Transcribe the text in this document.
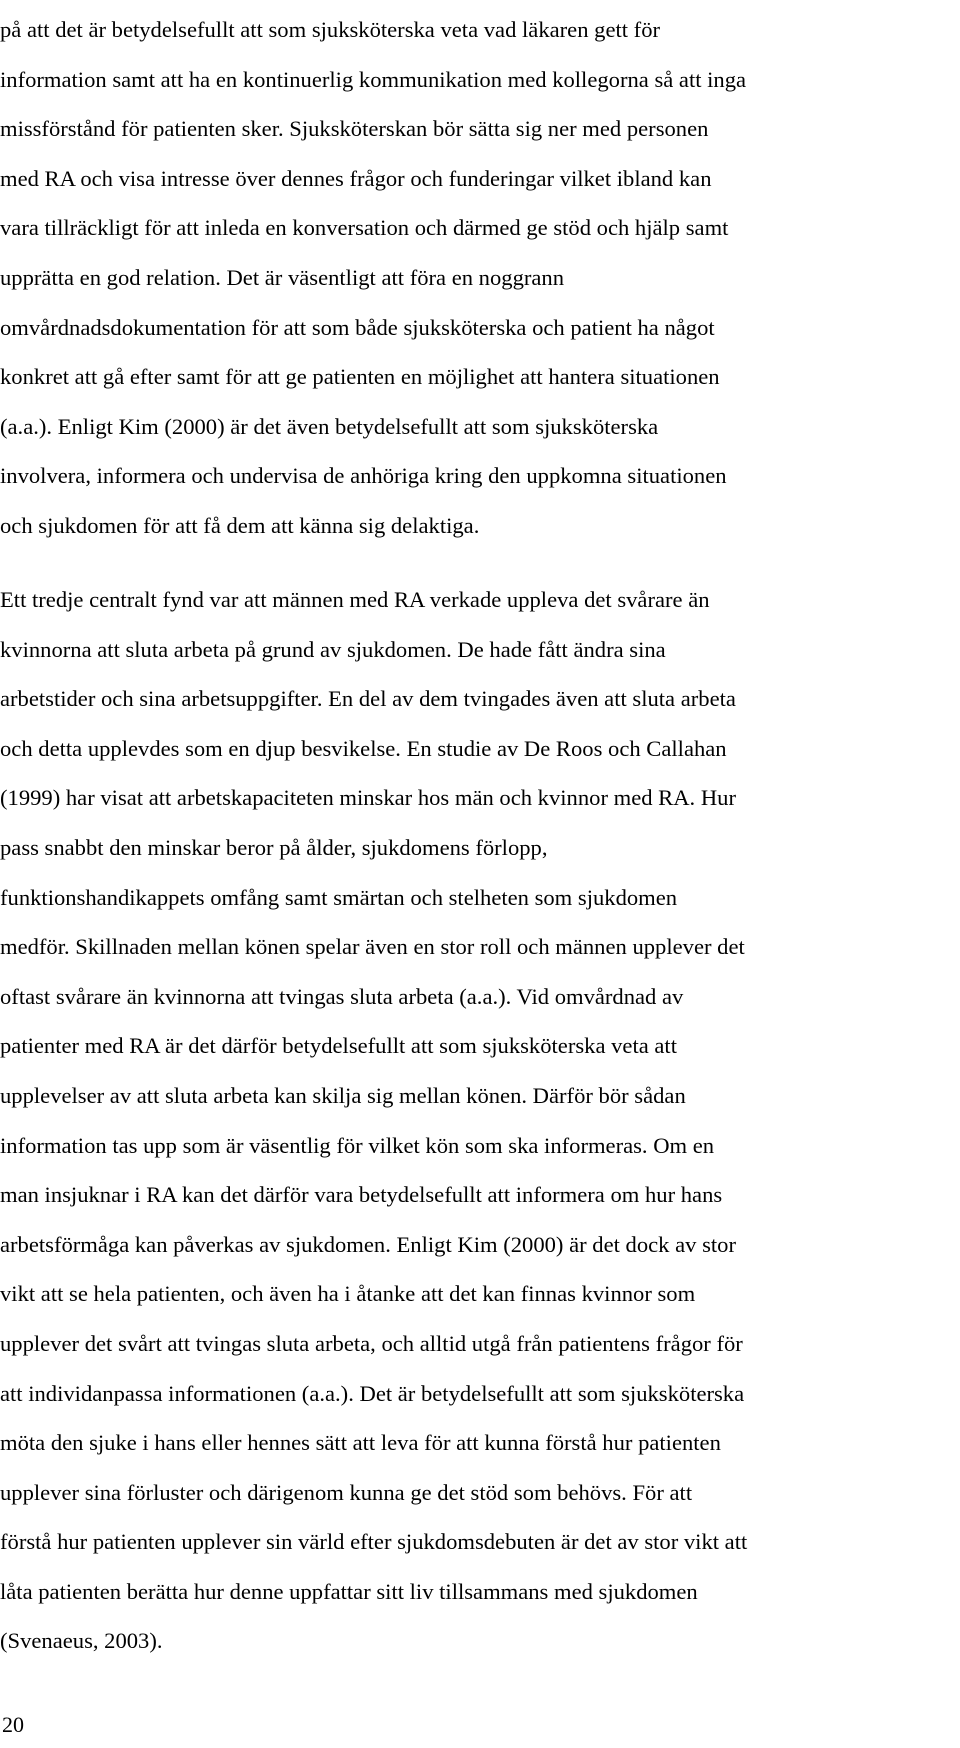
på att det är betydelsefullt att som sjuksköterska veta vad läkaren gett för
information samt att ha en kontinuerlig kommunikation med kollegorna så att inga
missförstånd för patienten sker. Sjuksköterskan bör sätta sig ner med personen
med RA och visa intresse över dennes frågor och funderingar vilket ibland kan
vara tillräckligt för att inleda en konversation och därmed ge stöd och hjälp samt
upprätta en god relation. Det är väsentligt att föra en noggrann
omvårdnadsdokumentation för att som både sjuksköterska och patient ha något
konkret att gå efter samt för att ge patienten en möjlighet att hantera situationen
(a.a.). Enligt Kim (2000) är det även betydelsefullt att som sjuksköterska
involvera, informera och undervisa de anhöriga kring den uppkomna situationen
och sjukdomen för att få dem att känna sig delaktiga.
Ett tredje centralt fynd var att männen med RA verkade uppleva det svårare än
kvinnorna att sluta arbeta på grund av sjukdomen. De hade fått ändra sina
arbetstider och sina arbetsuppgifter. En del av dem tvingades även att sluta arbeta
och detta upplevdes som en djup besvikelse. En studie av De Roos och Callahan
(1999) har visat att arbetskapaciteten minskar hos män och kvinnor med RA. Hur
pass snabbt den minskar beror på ålder, sjukdomens förlopp,
funktionshandikappets omfång samt smärtan och stelheten som sjukdomen
medför. Skillnaden mellan könen spelar även en stor roll och männen upplever det
oftast svårare än kvinnorna att tvingas sluta arbeta (a.a.). Vid omvårdnad av
patienter med RA är det därför betydelsefullt att som sjuksköterska veta att
upplevelser av att sluta arbeta kan skilja sig mellan könen. Därför bör sådan
information tas upp som är väsentlig för vilket kön som ska informeras. Om en
man insjuknar i RA kan det därför vara betydelsefullt att informera om hur hans
arbetsförmåga kan påverkas av sjukdomen. Enligt Kim (2000) är det dock av stor
vikt att se hela patienten, och även ha i åtanke att det kan finnas kvinnor som
upplever det svårt att tvingas sluta arbeta, och alltid utgå från patientens frågor för
att individanpassa informationen (a.a.). Det är betydelsefullt att som sjuksköterska
möta den sjuke i hans eller hennes sätt att leva för att kunna förstå hur patienten
upplever sina förluster och därigenom kunna ge det stöd som behövs. För att
förstå hur patienten upplever sin värld efter sjukdomsdebuten är det av stor vikt att
låta patienten berätta hur denne uppfattar sitt liv tillsammans med sjukdomen
(Svenaeus, 2003).
20
